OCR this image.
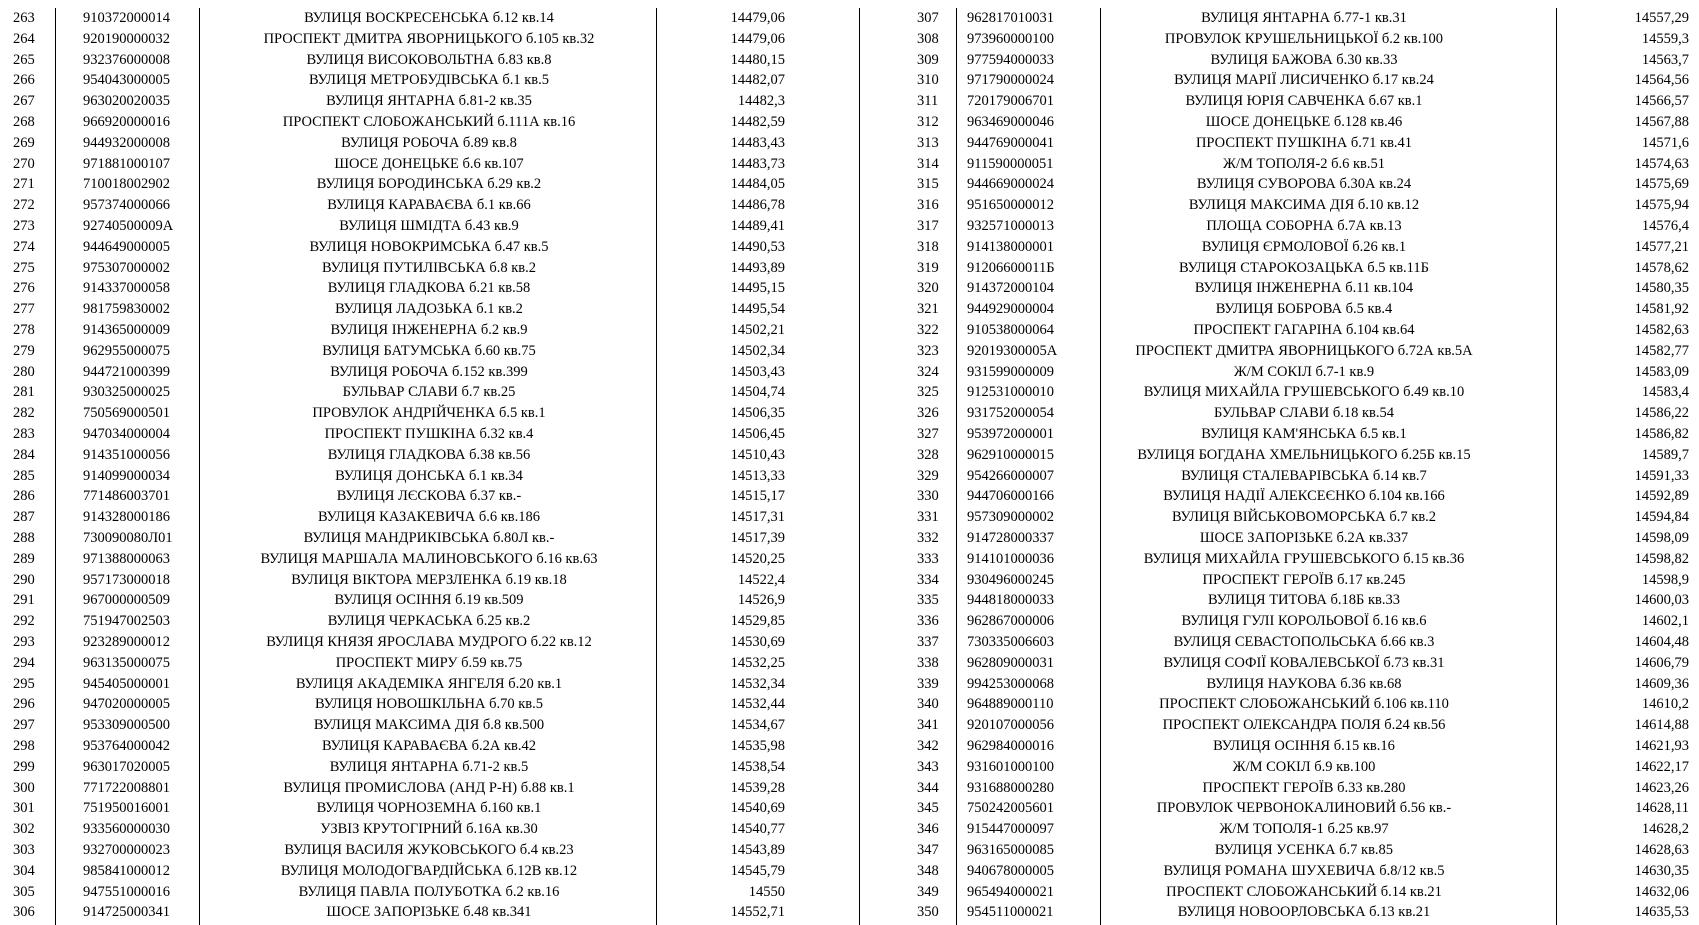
263	910372000014	ВУЛИЦЯ ВОСКРЕСЕНСЬКА б.12 кв.14	14479,06
264	920190000032	ПРОСПЕКТ ДМИТРА ЯВОРНИЦЬКОГО б.105 кв.32	14479,06
265	932376000008	ВУЛИЦЯ ВИСОКОВОЛЬТНА б.83 кв.8	14480,15
266	954043000005	ВУЛИЦЯ МЕТРОБУДІВСЬКА б.1 кв.5	14482,07
267	963020020035	ВУЛИЦЯ ЯНТАРНА б.81-2 кв.35	14482,3
268	966920000016	ПРОСПЕКТ СЛОБОЖАНСЬКИЙ б.111А кв.16	14482,59
269	944932000008	ВУЛИЦЯ РОБОЧА б.89 кв.8	14483,43
270	971881000107	ШОСЕ ДОНЕЦЬКЕ б.6 кв.107	14483,73
271	710018002902	ВУЛИЦЯ БОРОДИНСЬКА б.29 кв.2	14484,05
272	957374000066	ВУЛИЦЯ КАРАВАЄВА б.1 кв.66	14486,78
273	92740500009А	ВУЛИЦЯ ШМІДТА б.43 кв.9	14489,41
274	944649000005	ВУЛИЦЯ НОВОКРИМСЬКА б.47 кв.5	14490,53
275	975307000002	ВУЛИЦЯ ПУТИЛІВСЬКА б.8 кв.2	14493,89
276	914337000058	ВУЛИЦЯ ГЛАДКОВА б.21 кв.58	14495,15
277	981759830002	ВУЛИЦЯ ЛАДОЗЬКА б.1 кв.2	14495,54
278	914365000009	ВУЛИЦЯ ІНЖЕНЕРНА б.2 кв.9	14502,21
279	962955000075	ВУЛИЦЯ БАТУМСЬКА б.60 кв.75	14502,34
280	944721000399	ВУЛИЦЯ РОБОЧА б.152 кв.399	14503,43
281	930325000025	БУЛЬВАР СЛАВИ б.7 кв.25	14504,74
282	750569000501	ПРОВУЛОК АНДРІЙЧЕНКА б.5 кв.1	14506,35
283	947034000004	ПРОСПЕКТ ПУШКІНА б.32 кв.4	14506,45
284	914351000056	ВУЛИЦЯ ГЛАДКОВА б.38 кв.56	14510,43
285	914099000034	ВУЛИЦЯ ДОНСЬКА б.1 кв.34	14513,33
286	771486003701	ВУЛИЦЯ ЛЄСКОВА б.37 кв.-	14515,17
287	914328000186	ВУЛИЦЯ КАЗАКЕВИЧА б.6 кв.186	14517,31
288	730090080Л01	ВУЛИЦЯ МАНДРИКІВСЬКА б.80Л кв.-	14517,39
289	971388000063	ВУЛИЦЯ МАРШАЛА МАЛИНОВСЬКОГО б.16 кв.63	14520,25
290	957173000018	ВУЛИЦЯ ВІКТОРА МЕРЗЛЕНКА б.19 кв.18	14522,4
291	967000000509	ВУЛИЦЯ ОСІННЯ б.19 кв.509	14526,9
292	751947002503	ВУЛИЦЯ ЧЕРКАСЬКА б.25 кв.2	14529,85
293	923289000012	ВУЛИЦЯ КНЯЗЯ ЯРОСЛАВА МУДРОГО б.22 кв.12	14530,69
294	963135000075	ПРОСПЕКТ МИРУ б.59 кв.75	14532,25
295	945405000001	ВУЛИЦЯ АКАДЕМІКА ЯНГЕЛЯ б.20 кв.1	14532,34
296	947020000005	ВУЛИЦЯ НОВОШКІЛЬНА б.70 кв.5	14532,44
297	953309000500	ВУЛИЦЯ МАКСИМА ДІЯ б.8 кв.500	14534,67
298	953764000042	ВУЛИЦЯ КАРАВАЄВА б.2А кв.42	14535,98
299	963017020005	ВУЛИЦЯ ЯНТАРНА б.71-2 кв.5	14538,54
300	771722008801	ВУЛИЦЯ ПРОМИСЛОВА (АНД Р-Н) б.88 кв.1	14539,28
301	751950016001	ВУЛИЦЯ ЧОРНОЗЕМНА б.160 кв.1	14540,69
302	933560000030	УЗВІЗ КРУТОГІРНИЙ б.16А кв.30	14540,77
303	932700000023	ВУЛИЦЯ ВАСИЛЯ ЖУКОВСЬКОГО б.4 кв.23	14543,89
304	985841000012	ВУЛИЦЯ МОЛОДОГВАРДІЙСЬКА б.12В кв.12	14545,79
305	947551000016	ВУЛИЦЯ ПАВЛА ПОЛУБОТКА б.2 кв.16	14550
306	914725000341	ШОСЕ ЗАПОРІЗЬКЕ б.48 кв.341	14552,71
307	962817010031	ВУЛИЦЯ ЯНТАРНА б.77-1 кв.31	14557,29
308	973960000100	ПРОВУЛОК КРУШЕЛЬНИЦЬКОЇ б.2 кв.100	14559,3
309	977594000033	ВУЛИЦЯ БАЖОВА б.30 кв.33	14563,7
310	971790000024	ВУЛИЦЯ МАРІЇ ЛИСИЧЕНКО б.17 кв.24	14564,56
311	720179006701	ВУЛИЦЯ ЮРІЯ САВЧЕНКА б.67 кв.1	14566,57
312	963469000046	ШОСЕ ДОНЕЦЬКЕ б.128 кв.46	14567,88
313	944769000041	ПРОСПЕКТ ПУШКІНА б.71 кв.41	14571,6
314	911590000051	Ж/М ТОПОЛЯ-2 б.6 кв.51	14574,63
315	944669000024	ВУЛИЦЯ СУВОРОВА б.30А кв.24	14575,69
316	951650000012	ВУЛИЦЯ МАКСИМА ДІЯ б.10 кв.12	14575,94
317	932571000013	ПЛОЩА СОБОРНА б.7А кв.13	14576,4
318	914138000001	ВУЛИЦЯ ЄРМОЛОВОЇ б.26 кв.1	14577,21
319	91206600011Б	ВУЛИЦЯ СТАРОКОЗАЦЬКА б.5 кв.11Б	14578,62
320	914372000104	ВУЛИЦЯ ІНЖЕНЕРНА б.11 кв.104	14580,35
321	944929000004	ВУЛИЦЯ БОБРОВА б.5 кв.4	14581,92
322	910538000064	ПРОСПЕКТ ГАГАРІНА б.104 кв.64	14582,63
323	92019300005А	ПРОСПЕКТ ДМИТРА ЯВОРНИЦЬКОГО б.72А кв.5А	14582,77
324	931599000009	Ж/М СОКІЛ б.7-1 кв.9	14583,09
325	912531000010	ВУЛИЦЯ МИХАЙЛА ГРУШЕВСЬКОГО б.49 кв.10	14583,4
326	931752000054	БУЛЬВАР СЛАВИ б.18 кв.54	14586,22
327	953972000001	ВУЛИЦЯ КАМ'ЯНСЬКА б.5 кв.1	14586,82
328	962910000015	ВУЛИЦЯ БОГДАНА ХМЕЛЬНИЦЬКОГО б.25Б кв.15	14589,7
329	954266000007	ВУЛИЦЯ СТАЛЕВАРІВСЬКА б.14 кв.7	14591,33
330	944706000166	ВУЛИЦЯ НАДІЇ АЛЕКСЕЄНКО б.104 кв.166	14592,89
331	957309000002	ВУЛИЦЯ ВІЙСЬКОВОМОРСЬКА б.7 кв.2	14594,84
332	914728000337	ШОСЕ ЗАПОРІЗЬКЕ б.2А кв.337	14598,09
333	914101000036	ВУЛИЦЯ МИХАЙЛА ГРУШЕВСЬКОГО б.15 кв.36	14598,82
334	930496000245	ПРОСПЕКТ ГЕРОЇВ б.17 кв.245	14598,9
335	944818000033	ВУЛИЦЯ ТИТОВА б.18Б кв.33	14600,03
336	962867000006	ВУЛИЦЯ ГУЛІ КОРОЛЬОВОЇ б.16 кв.6	14602,1
337	730335006603	ВУЛИЦЯ СЕВАСТОПОЛЬСЬКА б.66 кв.3	14604,48
338	962809000031	ВУЛИЦЯ СОФІЇ КОВАЛЕВСЬКОЇ б.73 кв.31	14606,79
339	994253000068	ВУЛИЦЯ НАУКОВА б.36 кв.68	14609,36
340	964889000110	ПРОСПЕКТ СЛОБОЖАНСЬКИЙ б.106 кв.110	14610,2
341	920107000056	ПРОСПЕКТ ОЛЕКСАНДРА ПОЛЯ б.24 кв.56	14614,88
342	962984000016	ВУЛИЦЯ ОСІННЯ б.15 кв.16	14621,93
343	931601000100	Ж/М СОКІЛ б.9 кв.100	14622,17
344	931688000280	ПРОСПЕКТ ГЕРОЇВ б.33 кв.280	14623,26
345	750242005601	ПРОВУЛОК ЧЕРВОНОКАЛИНОВИЙ б.56 кв.-	14628,11
346	915447000097	Ж/М ТОПОЛЯ-1 б.25 кв.97	14628,2
347	963165000085	ВУЛИЦЯ УСЕНКА б.7 кв.85	14628,63
348	940678000005	ВУЛИЦЯ РОМАНА ШУХЕВИЧА б.8/12 кв.5	14630,35
349	965494000021	ПРОСПЕКТ СЛОБОЖАНСЬКИЙ б.14 кв.21	14632,06
350	954511000021	ВУЛИЦЯ НОВООРЛОВСЬКА б.13 кв.21	14635,53
